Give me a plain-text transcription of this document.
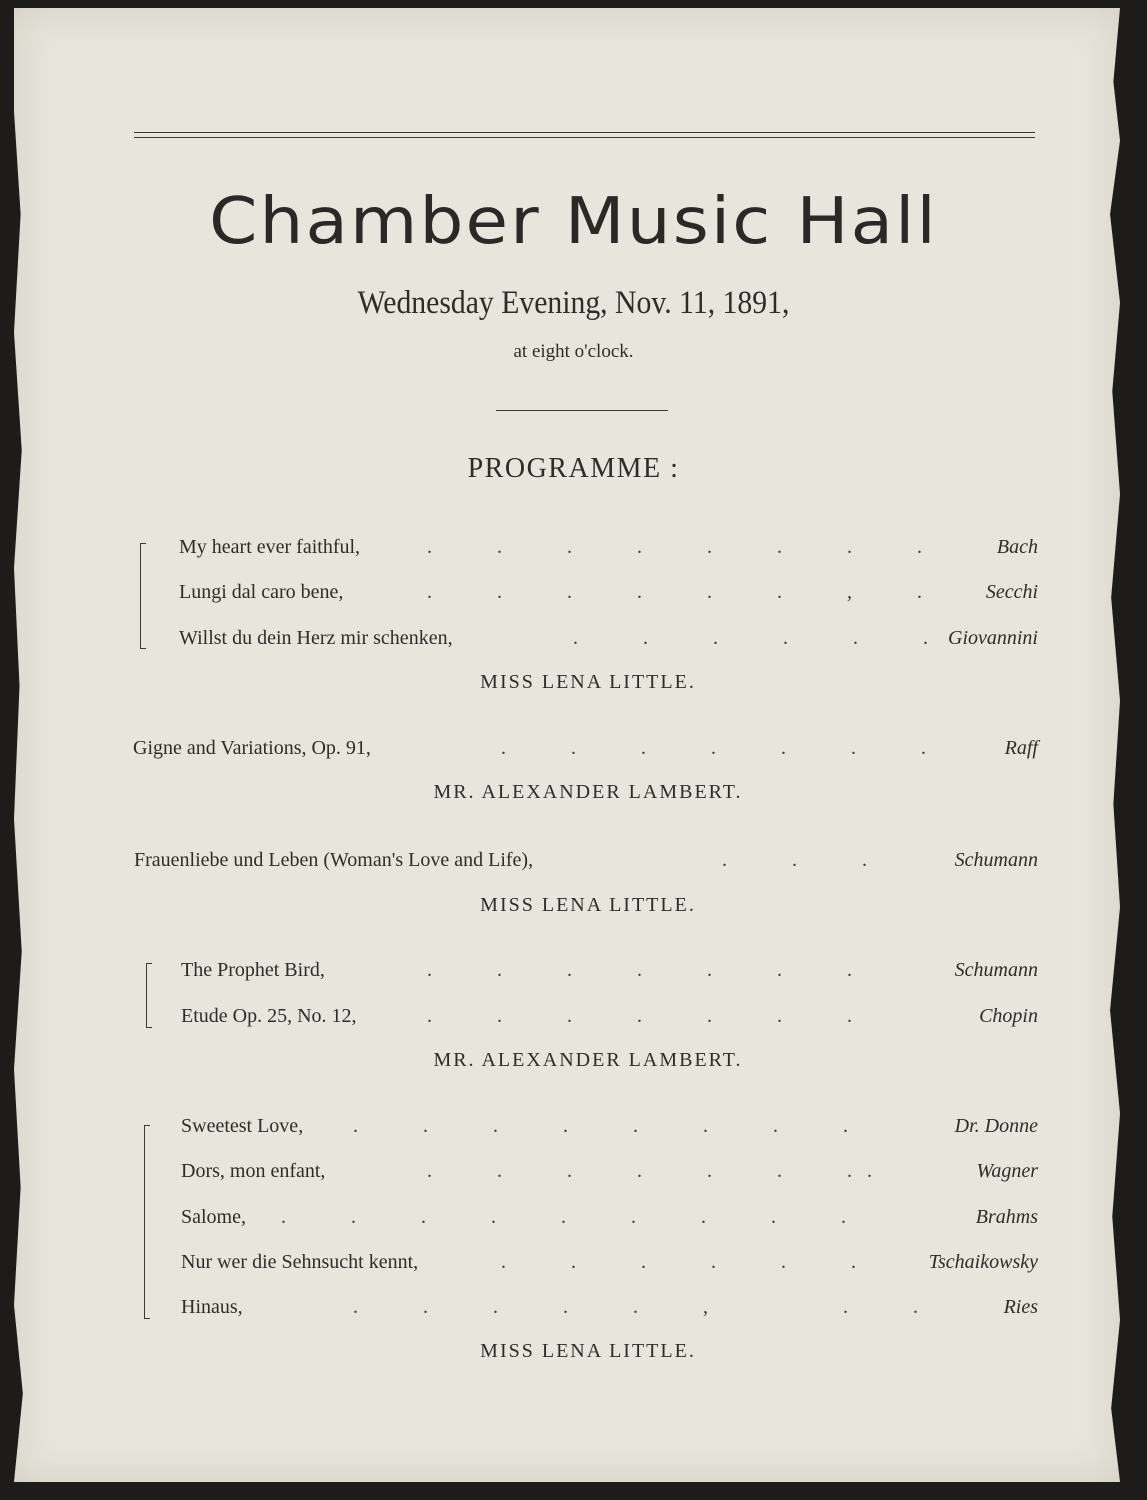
Chamber Music Hall
Wednesday Evening, Nov. 11, 1891,
at eight o'clock.
PROGRAMME :
My heart ever faithful,	.             .             .             .             .             .             .             .	Bach
Lungi dal caro bene,	.             .             .             .             .             .             ,             .	Secchi
Willst du dein Herz mir schenken,	.             .             .             .             .             . Giovannini
MISS LENA LITTLE.
Gigne and Variations, Op. 91,	.             .             .             .             .             .             .	Raff
MR. ALEXANDER LAMBERT.
Frauenliebe und Leben (Woman's Love and Life),	.             .             .	Schumann
MISS LENA LITTLE.
The Prophet Bird,	.             .             .             .             .             .             .	Schumann
Etude Op. 25, No. 12,	.             .             .             .             .             .             .	Chopin
MR. ALEXANDER LAMBERT.
Sweetest Love, .             .             .             .             .             .             .             .	Dr. Donne
Dors, mon enfant,	.             .             .             .             .             .             .   .	Wagner
Salome, .             .             .             .             .             .             .             .             .	Brahms
Nur wer die Sehnsucht kennt,	.             .             .             .             .             .	Tschaikowsky
Hinaus,	.             .             .             .             .             ,                           .             .	Ries
MISS LENA LITTLE.
